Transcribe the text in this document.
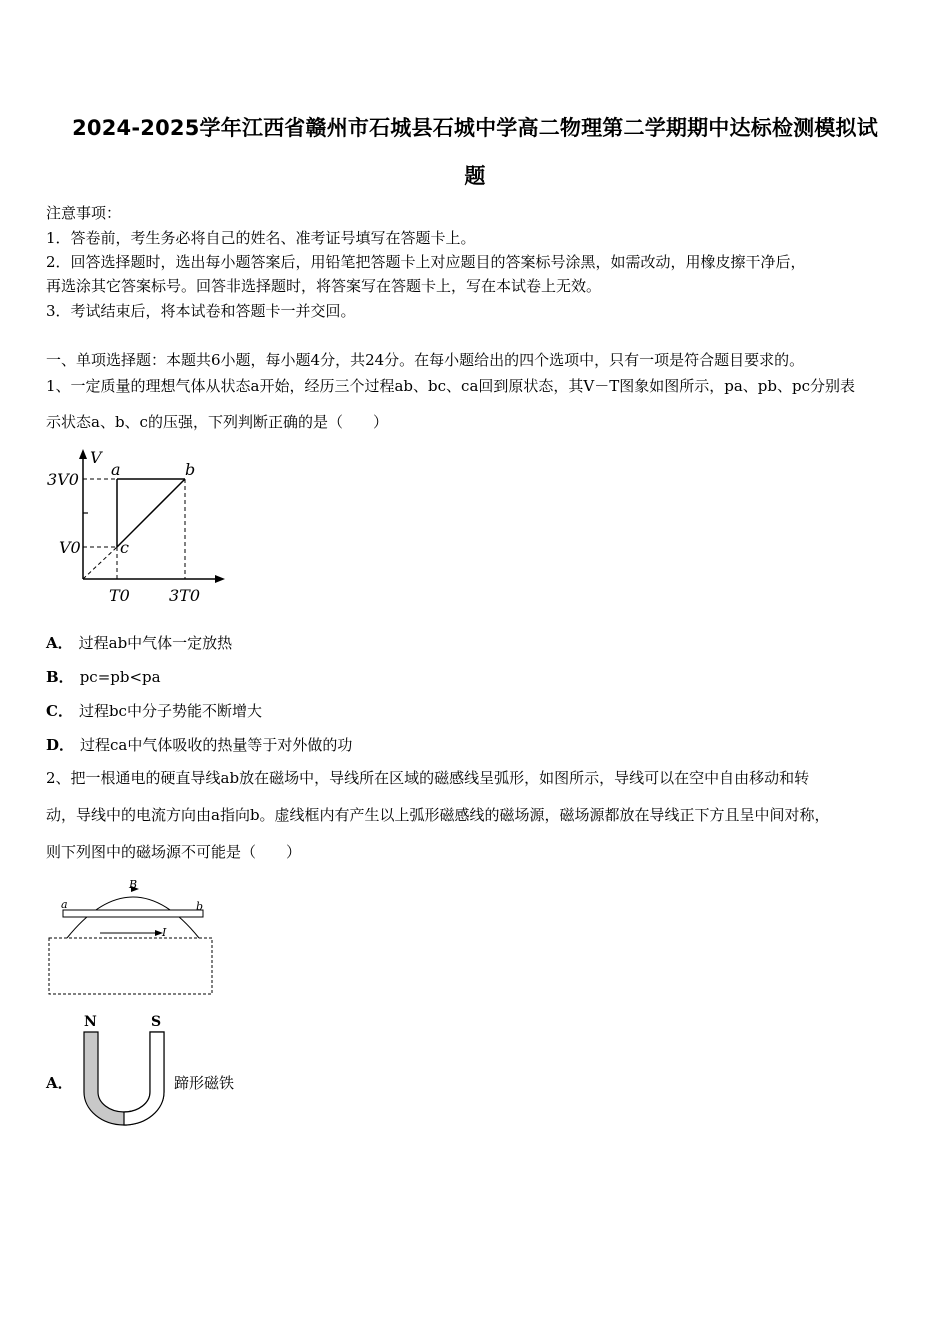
2024-2025学年江西省赣州市石城县石城中学高二物理第二学期期中达标检测模拟试
题
注意事项：
1．答卷前，考生务必将自己的姓名、准考证号填写在答题卡上。
2．回答选择题时，选出每小题答案后，用铅笔把答题卡上对应题目的答案标号涂黑，如需改动，用橡皮擦干净后，
再选涂其它答案标号。回答非选择题时，将答案写在答题卡上，写在本试卷上无效。
3．考试结束后，将本试卷和答题卡一并交回。
一、单项选择题：本题共6小题，每小题4分，共24分。在每小题给出的四个选项中，只有一项是符合题目要求的。
1、一定质量的理想气体从状态a开始，经历三个过程ab、bc、ca回到原状态，其V－T图象如图所示，pa、pb、pc分别表
示状态a、b、c的压强，下列判断正确的是（　　）
V
3V0
V0
T0 3T0
a	b
c
T
A． 过程ab中气体一定放热
B． pc=pb<pa
C． 过程bc中分子势能不断增大
D． 过程ca中气体吸收的热量等于对外做的功
2、把一根通电的硬直导线ab放在磁场中，导线所在区域的磁感线呈弧形，如图所示，导线可以在空中自由移动和转
动，导线中的电流方向由a指向b。虚线框内有产生以上弧形磁感线的磁场源，磁场源都放在导线正下方且呈中间对称，
则下列图中的磁场源不可能是（　　）
a	b
B
I
A．
N	S
蹄形磁铁
